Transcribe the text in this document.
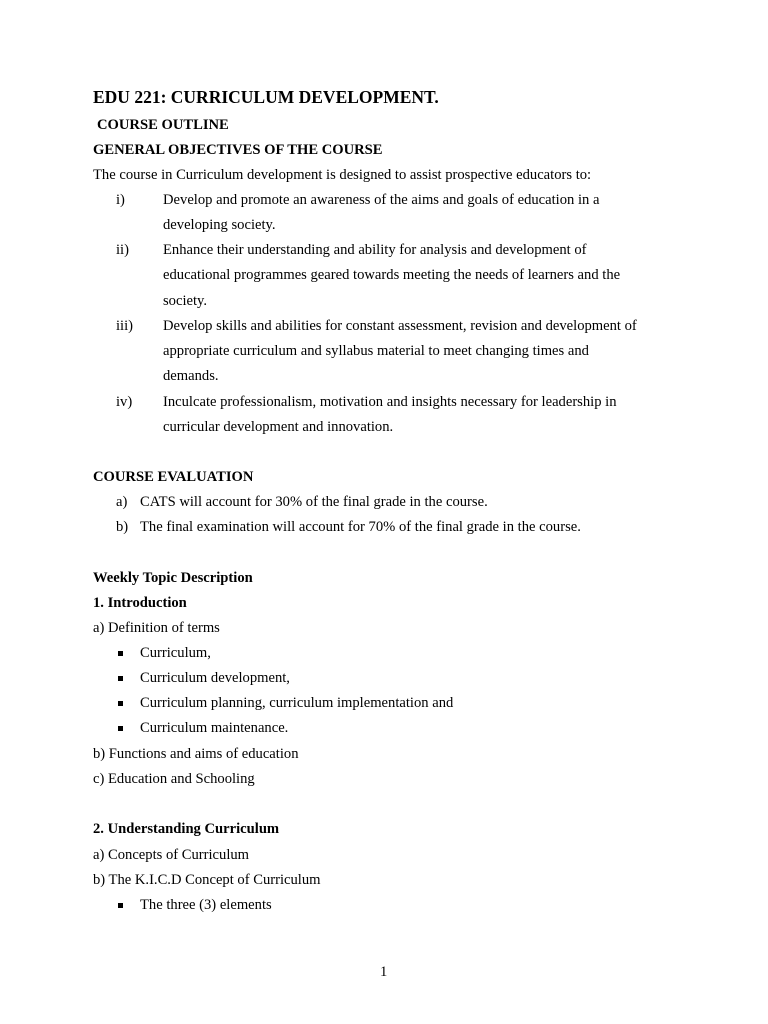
EDU 221: CURRICULUM DEVELOPMENT.
COURSE OUTLINE
GENERAL OBJECTIVES OF THE COURSE
The course in Curriculum development is designed to assist prospective educators to:
i)	Develop and promote an awareness of the aims and goals of education in a
developing society.
ii) Enhance their understanding and ability for analysis and development of
educational programmes geared towards meeting the needs of learners and the
society.
iii) Develop skills and abilities for constant assessment, revision and development of
appropriate curriculum and syllabus material to meet changing times and
demands.
iv) Inculcate professionalism, motivation and insights necessary for leadership in
curricular development and innovation.
COURSE EVALUATION
a) CATS will account for 30% of the final grade in the course.
b) The final examination will account for 70% of the final grade in the course.
Weekly Topic Description
1. Introduction
a) Definition of terms
Curriculum,
Curriculum development,
Curriculum planning, curriculum implementation and
Curriculum maintenance.
b) Functions and aims of education
c) Education and Schooling
2. Understanding Curriculum
a) Concepts of Curriculum
b) The K.I.C.D Concept of Curriculum
The three (3) elements
1
